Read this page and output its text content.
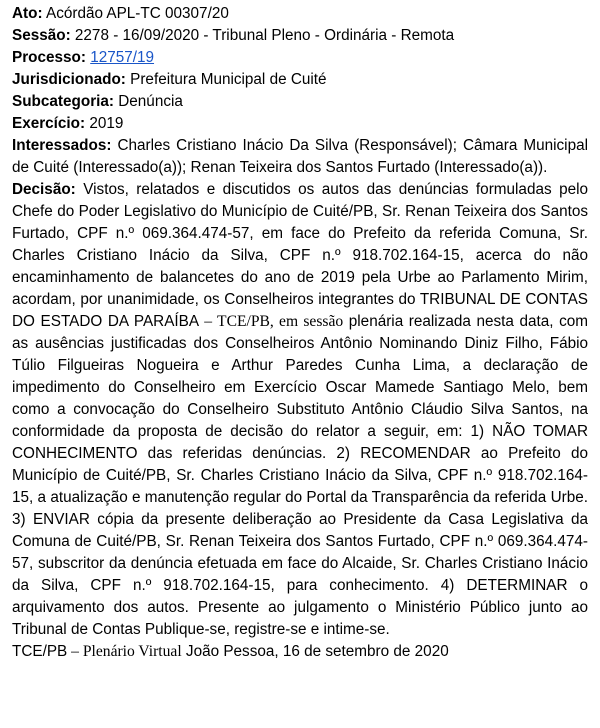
Ato: Acórdão APL-TC 00307/20
Sessão: 2278 - 16/09/2020 - Tribunal Pleno - Ordinária - Remota
Processo: 12757/19
Jurisdicionado: Prefeitura Municipal de Cuité
Subcategoria: Denúncia
Exercício: 2019

Interessados: Charles Cristiano Inácio Da Silva (Responsável); Câmara Municipal de Cuité (Interessado(a)); Renan Teixeira dos Santos Furtado (Interessado(a)).

Decisão: Vistos, relatados e discutidos os autos das denúncias formuladas pelo Chefe do Poder Legislativo do Município de Cuité/PB, Sr. Renan Teixeira dos Santos Furtado, CPF n.º 069.364.474-57, em face do Prefeito da referida Comuna, Sr. Charles Cristiano Inácio da Silva, CPF n.º 918.702.164-15, acerca do não encaminhamento de balancetes do ano de 2019 pela Urbe ao Parlamento Mirim, acordam, por unanimidade, os Conselheiros integrantes do TRIBUNAL DE CONTAS DO ESTADO DA PARAÍBA – TCE/PB, em sessão plenária realizada nesta data, com as ausências justificadas dos Conselheiros Antônio Nominando Diniz Filho, Fábio Túlio Filgueiras Nogueira e Arthur Paredes Cunha Lima, a declaração de impedimento do Conselheiro em Exercício Oscar Mamede Santiago Melo, bem como a convocação do Conselheiro Substituto Antônio Cláudio Silva Santos, na conformidade da proposta de decisão do relator a seguir, em: 1) NÃO TOMAR CONHECIMENTO das referidas denúncias. 2) RECOMENDAR ao Prefeito do Município de Cuité/PB, Sr. Charles Cristiano Inácio da Silva, CPF n.º 918.702.164-15, a atualização e manutenção regular do Portal da Transparência da referida Urbe. 3) ENVIAR cópia da presente deliberação ao Presidente da Casa Legislativa da Comuna de Cuité/PB, Sr. Renan Teixeira dos Santos Furtado, CPF n.º 069.364.474-57, subscritor da denúncia efetuada em face do Alcaide, Sr. Charles Cristiano Inácio da Silva, CPF n.º 918.702.164-15, para conhecimento. 4) DETERMINAR o arquivamento dos autos. Presente ao julgamento o Ministério Público junto ao Tribunal de Contas Publique-se, registre-se e intime-se.

TCE/PB – Plenário Virtual João Pessoa, 16 de setembro de 2020
